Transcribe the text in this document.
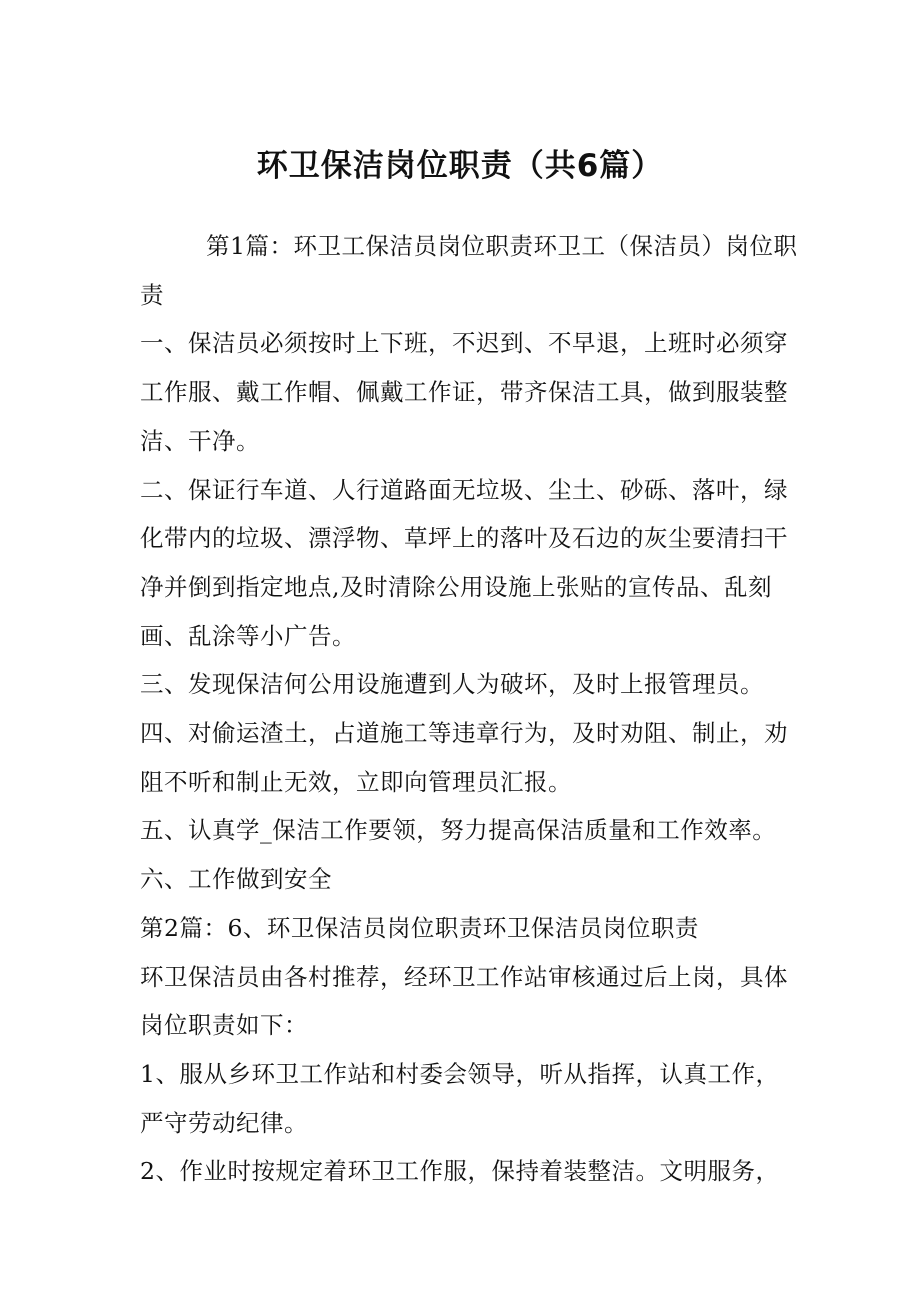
环卫保洁岗位职责（共6篇）

第1篇：环卫工保洁员岗位职责环卫工（保洁员）岗位职责

一、保洁员必须按时上下班，不迟到、不早退，上班时必须穿工作服、戴工作帽、佩戴工作证，带齐保洁工具，做到服装整洁、干净。

二、保证行车道、人行道路面无垃圾、尘土、砂砾、落叶，绿化带内的垃圾、漂浮物、草坪上的落叶及石边的灰尘要清扫干净并倒到指定地点,及时清除公用设施上张贴的宣传品、乱刻画、乱涂等小广告。

三、发现保洁何公用设施遭到人为破坏，及时上报管理员。

四、对偷运渣土，占道施工等违章行为，及时劝阻、制止，劝阻不听和制止无效，立即向管理员汇报。

五、认真学_保洁工作要领，努力提高保洁质量和工作效率。

六、工作做到安全

第2篇：6、环卫保洁员岗位职责环卫保洁员岗位职责

环卫保洁员由各村推荐，经环卫工作站审核通过后上岗，具体岗位职责如下：

1、服从乡环卫工作站和村委会领导，听从指挥，认真工作，严守劳动纪律。

2、作业时按规定着环卫工作服，保持着装整洁。文明服务，
